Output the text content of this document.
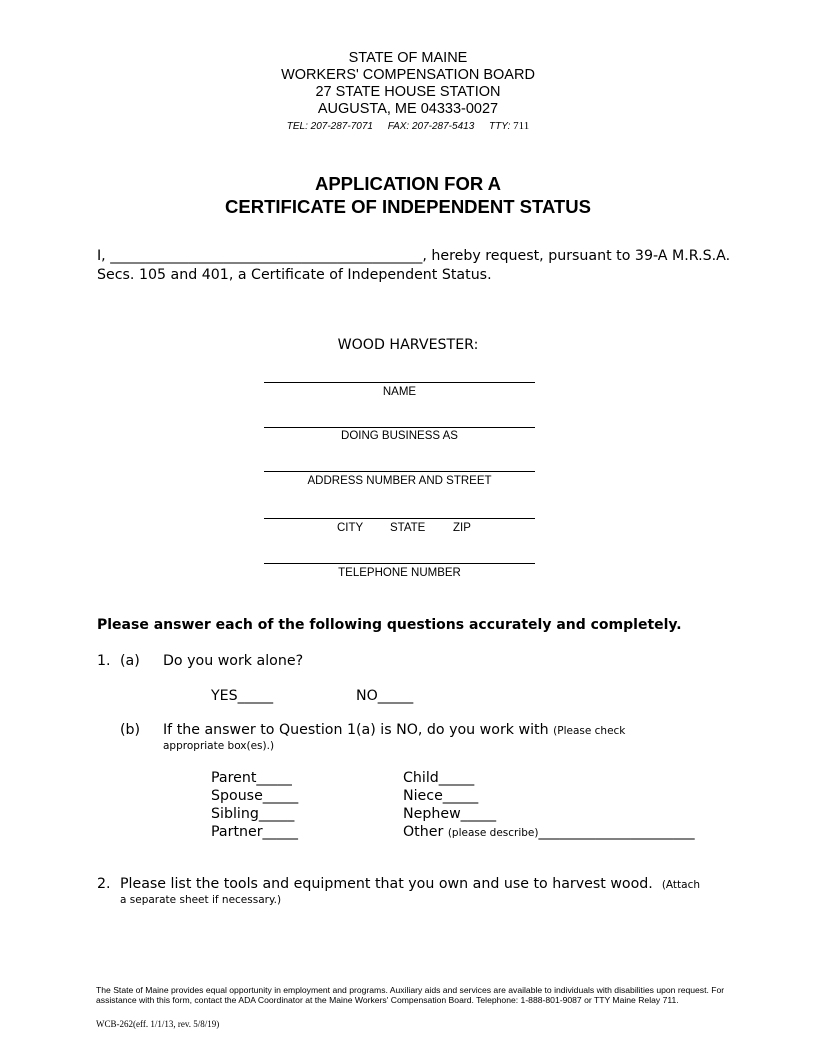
STATE OF MAINE
WORKERS' COMPENSATION BOARD
27 STATE HOUSE STATION
AUGUSTA, ME 04333-0027
TEL: 207-287-7071 FAX: 207-287-5413 TTY: 711
APPLICATION FOR A
CERTIFICATE OF INDEPENDENT STATUS
I, ____________________________________________, hereby request, pursuant to 39-A M.R.S.A. Secs. 105 and 401, a Certificate of Independent Status.
WOOD HARVESTER:
NAME
DOING BUSINESS AS
ADDRESS NUMBER AND STREET
CITY STATE ZIP
TELEPHONE NUMBER
Please answer each of the following questions accurately and completely.
1. (a) Do you work alone?
YES_____	NO_____
(b) If the answer to Question 1(a) is NO, do you work with (Please check
appropriate box(es).)
Parent_____
Spouse_____
Sibling_____
Partner_____
Child_____
Niece_____
Nephew_____
Other (please describe)______________________
2. Please list the tools and equipment that you own and use to harvest wood. (Attach
a separate sheet if necessary.)
The State of Maine provides equal opportunity in employment and programs. Auxiliary aids and services are available to individuals with disabilities upon request. For assistance with this form, contact the ADA Coordinator at the Maine Workers' Compensation Board. Telephone: 1-888-801-9087 or TTY Maine Relay 711.
WCB-262(eff. 1/1/13, rev. 5/8/19)
